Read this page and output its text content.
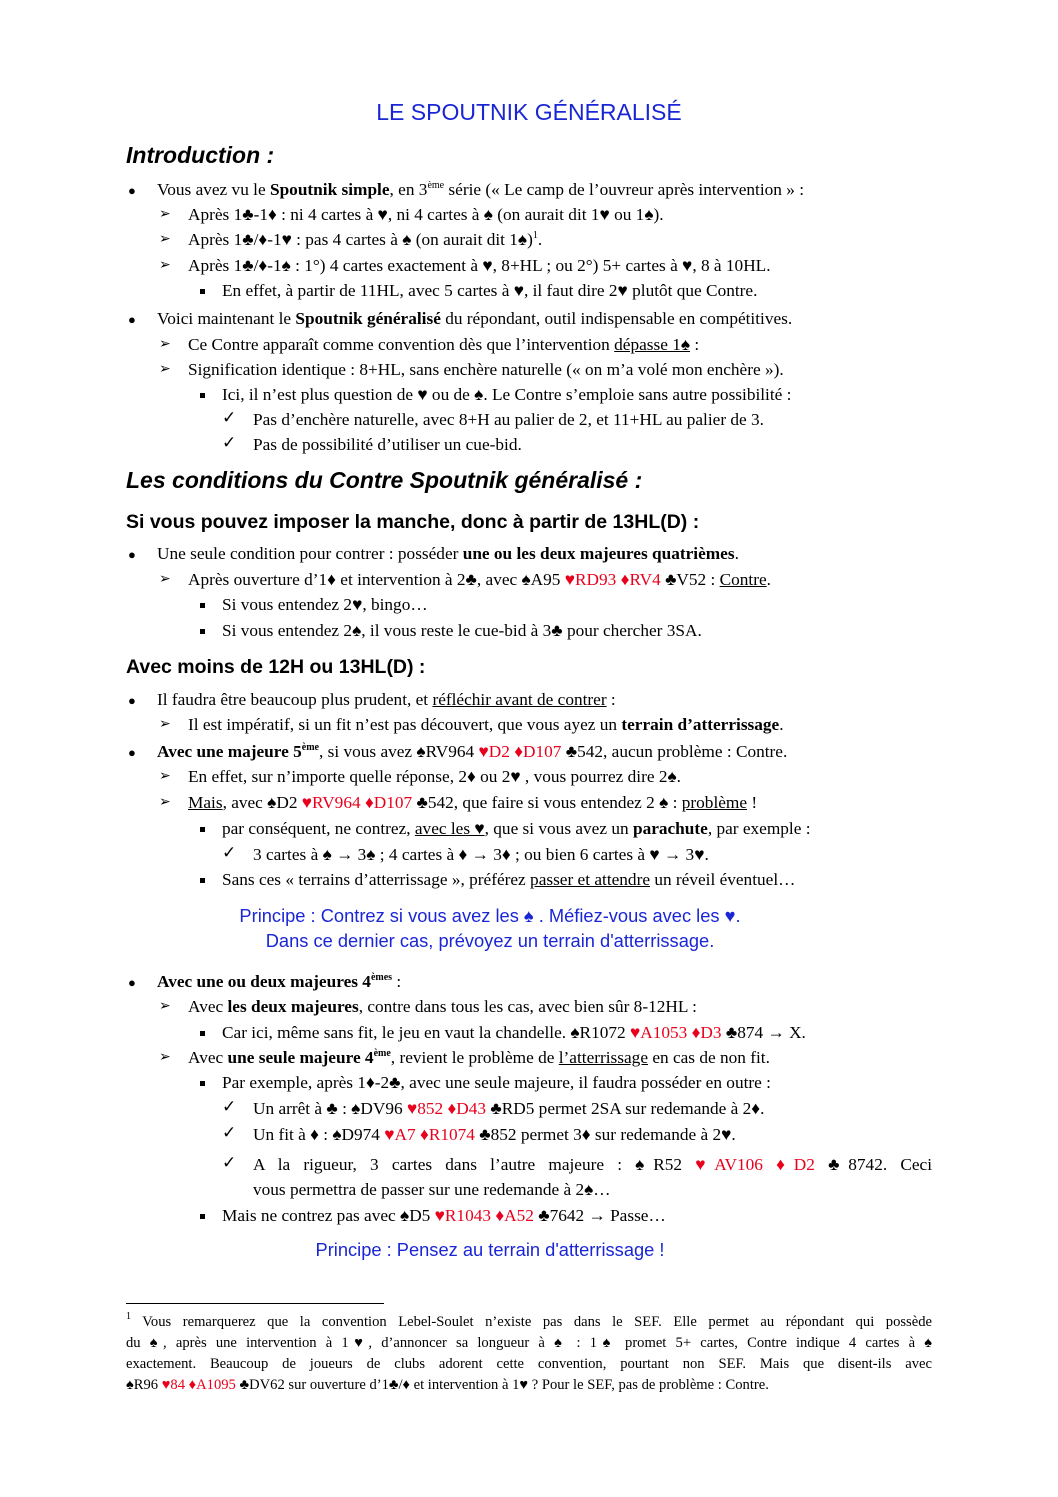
LE SPOUTNIK GÉNÉRALISÉ
Introduction :
● Vous avez vu le Spoutnik simple, en 3ème série (« Le camp de l’ouvreur après intervention » :
➢ Après 1♣-1♦ : ni 4 cartes à ♥, ni 4 cartes à ♠ (on aurait dit 1♥ ou 1♠).
➢ Après 1♣/♦-1♥ : pas 4 cartes à ♠ (on aurait dit 1♠)$^1$.
➢ Après 1♣/♦-1♠ : 1°) 4 cartes exactement à ♥, 8+HL ; ou 2°) 5+ cartes à ♥, 8 à 10HL.
En effet, à partir de 11HL, avec 5 cartes à ♥, il faut dire 2♥ plutôt que Contre.
● Voici maintenant le Spoutnik généralisé du répondant, outil indispensable en compétitives.
➢ Ce Contre apparaît comme convention dès que l’intervention dépasse 1♠ :
➢ Signification identique : 8+HL, sans enchère naturelle (« on m’a volé mon enchère »).
Ici, il n’est plus question de ♥ ou de ♠. Le Contre s’emploie sans autre possibilité :
✓ Pas d’enchère naturelle, avec 8+H au palier de 2, et 11+HL au palier de 3.
✓ Pas de possibilité d’utiliser un cue-bid.
Les conditions du Contre Spoutnik généralisé :
Si vous pouvez imposer la manche, donc à partir de 13HL(D) :
● Une seule condition pour contrer : posséder une ou les deux majeures quatrièmes.
➢ Après ouverture d’1♦ et intervention à 2♣, avec ♠A95 ♥RD93 ♦RV4 ♣V52 : Contre.
Si vous entendez 2♥, bingo…
Si vous entendez 2♠, il vous reste le cue-bid à 3♣ pour chercher 3SA.
Avec moins de 12H ou 13HL(D) :
● Il faudra être beaucoup plus prudent, et réfléchir avant de contrer :
➢ Il est impératif, si un fit n’est pas découvert, que vous ayez un terrain d’atterrissage.
● Avec une majeure 5ème, si vous avez ♠RV964 ♥D2 ♦D107 ♣542, aucun problème : Contre.
➢ En effet, sur n’importe quelle réponse, 2♦ ou 2♥ , vous pourrez dire 2♠.
➢ Mais, avec ♠D2 ♥RV964 ♦D107 ♣542, que faire si vous entendez 2 ♠ : problème !
par conséquent, ne contrez, avec les ♥, que si vous avez un parachute, par exemple :
✓ 3 cartes à ♠ → 3♠ ; 4 cartes à ♦ → 3♦ ; ou bien 6 cartes à ♥ → 3♥.
Sans ces « terrains d’atterrissage », préférez passer et attendre un réveil éventuel…
Principe : Contrez si vous avez les ♠ . Méfiez-vous avec les ♥.
Dans ce dernier cas, prévoyez un terrain d'atterrissage.
● Avec une ou deux majeures 4èmes :
➢ Avec les deux majeures, contre dans tous les cas, avec bien sûr 8-12HL :
Car ici, même sans fit, le jeu en vaut la chandelle. ♠R1072 ♥A1053 ♦D3 ♣874 → X.
➢ Avec une seule majeure 4ème, revient le problème de l’atterrissage en cas de non fit.
Par exemple, après 1♦-2♣, avec une seule majeure, il faudra posséder en outre :
✓ Un arrêt à ♣ : ♠DV96 ♥852 ♦D43 ♣RD5 permet 2SA sur redemande à 2♦.
✓ Un fit à ♦ : ♠D974 ♥A7 ♦R1074 ♣852 permet 3♦ sur redemande à 2♥.
✓ A la rigueur, 3 cartes dans l’autre majeure : ♠R52 ♥AV106 ♦D2 ♣8742. Ceci
vous permettra de passer sur une redemande à 2♠…
Mais ne contrez pas avec ♠D5 ♥R1043 ♦A52 ♣7642 → Passe…
Principe : Pensez au terrain d'atterrissage !
$^1$ Vous remarquerez que la convention Lebel-Soulet n’existe pas dans le SEF. Elle permet au répondant qui possède
du ♠, après une intervention à 1♥, d’annoncer sa longueur à ♠ : 1♠ promet 5+ cartes, Contre indique 4 cartes à ♠
exactement. Beaucoup de joueurs de clubs adorent cette convention, pourtant non SEF. Mais que disent-ils avec
♠R96 ♥84 ♦A1095 ♣DV62 sur ouverture d’1♣/♦ et intervention à 1♥ ? Pour le SEF, pas de problème : Contre.
